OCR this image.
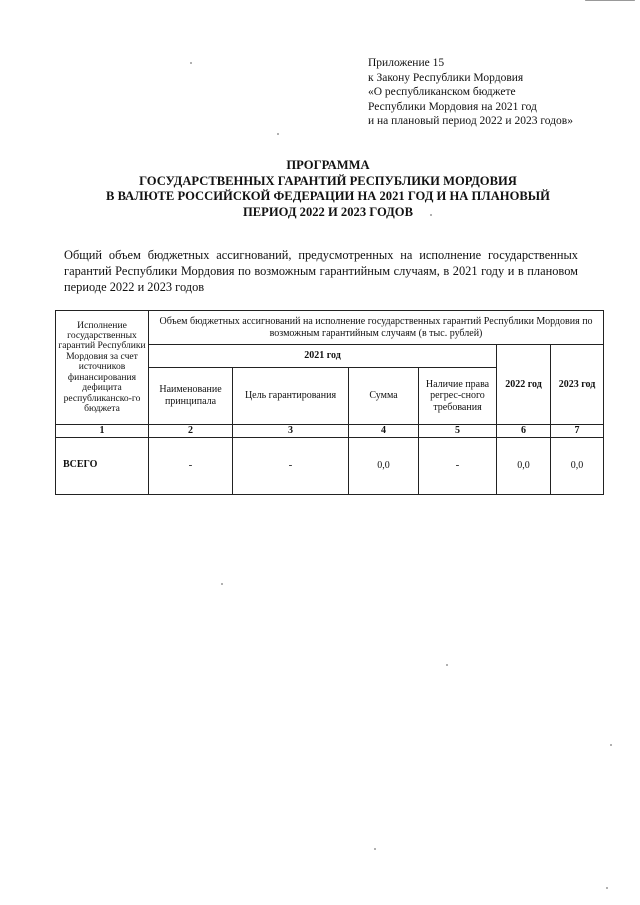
Приложение 15
к Закону Республики Мордовия
«О республиканском бюджете
Республики Мордовия на 2021 год
и на плановый период 2022 и 2023 годов»
ПРОГРАММА
ГОСУДАРСТВЕННЫХ ГАРАНТИЙ РЕСПУБЛИКИ МОРДОВИЯ
В ВАЛЮТЕ РОССИЙСКОЙ ФЕДЕРАЦИИ НА 2021 ГОД И НА ПЛАНОВЫЙ
ПЕРИОД 2022 И 2023 ГОДОВ
Общий объем бюджетных ассигнований, предусмотренных на исполнение государственных гарантий Республики Мордовия по возможным гарантийным случаям, в 2021 году и в плановом периоде 2022 и 2023 годов
Исполнение государственных гарантий Республики Мордовия за счет источников финансирования дефицита республиканско-го бюджета	Объем бюджетных ассигнований на исполнение государственных гарантий Республики Мордовия по возможным гарантийным случаям (в тыс. рублей)					
	2021 год				2022 год	2023 год
	Наименование принципала	Цель гарантирования	Сумма	Наличие права регрес-сного требования		
1	2	3	4	5	6	7
ВСЕГО	-	-	0,0	-	0,0	0,0
